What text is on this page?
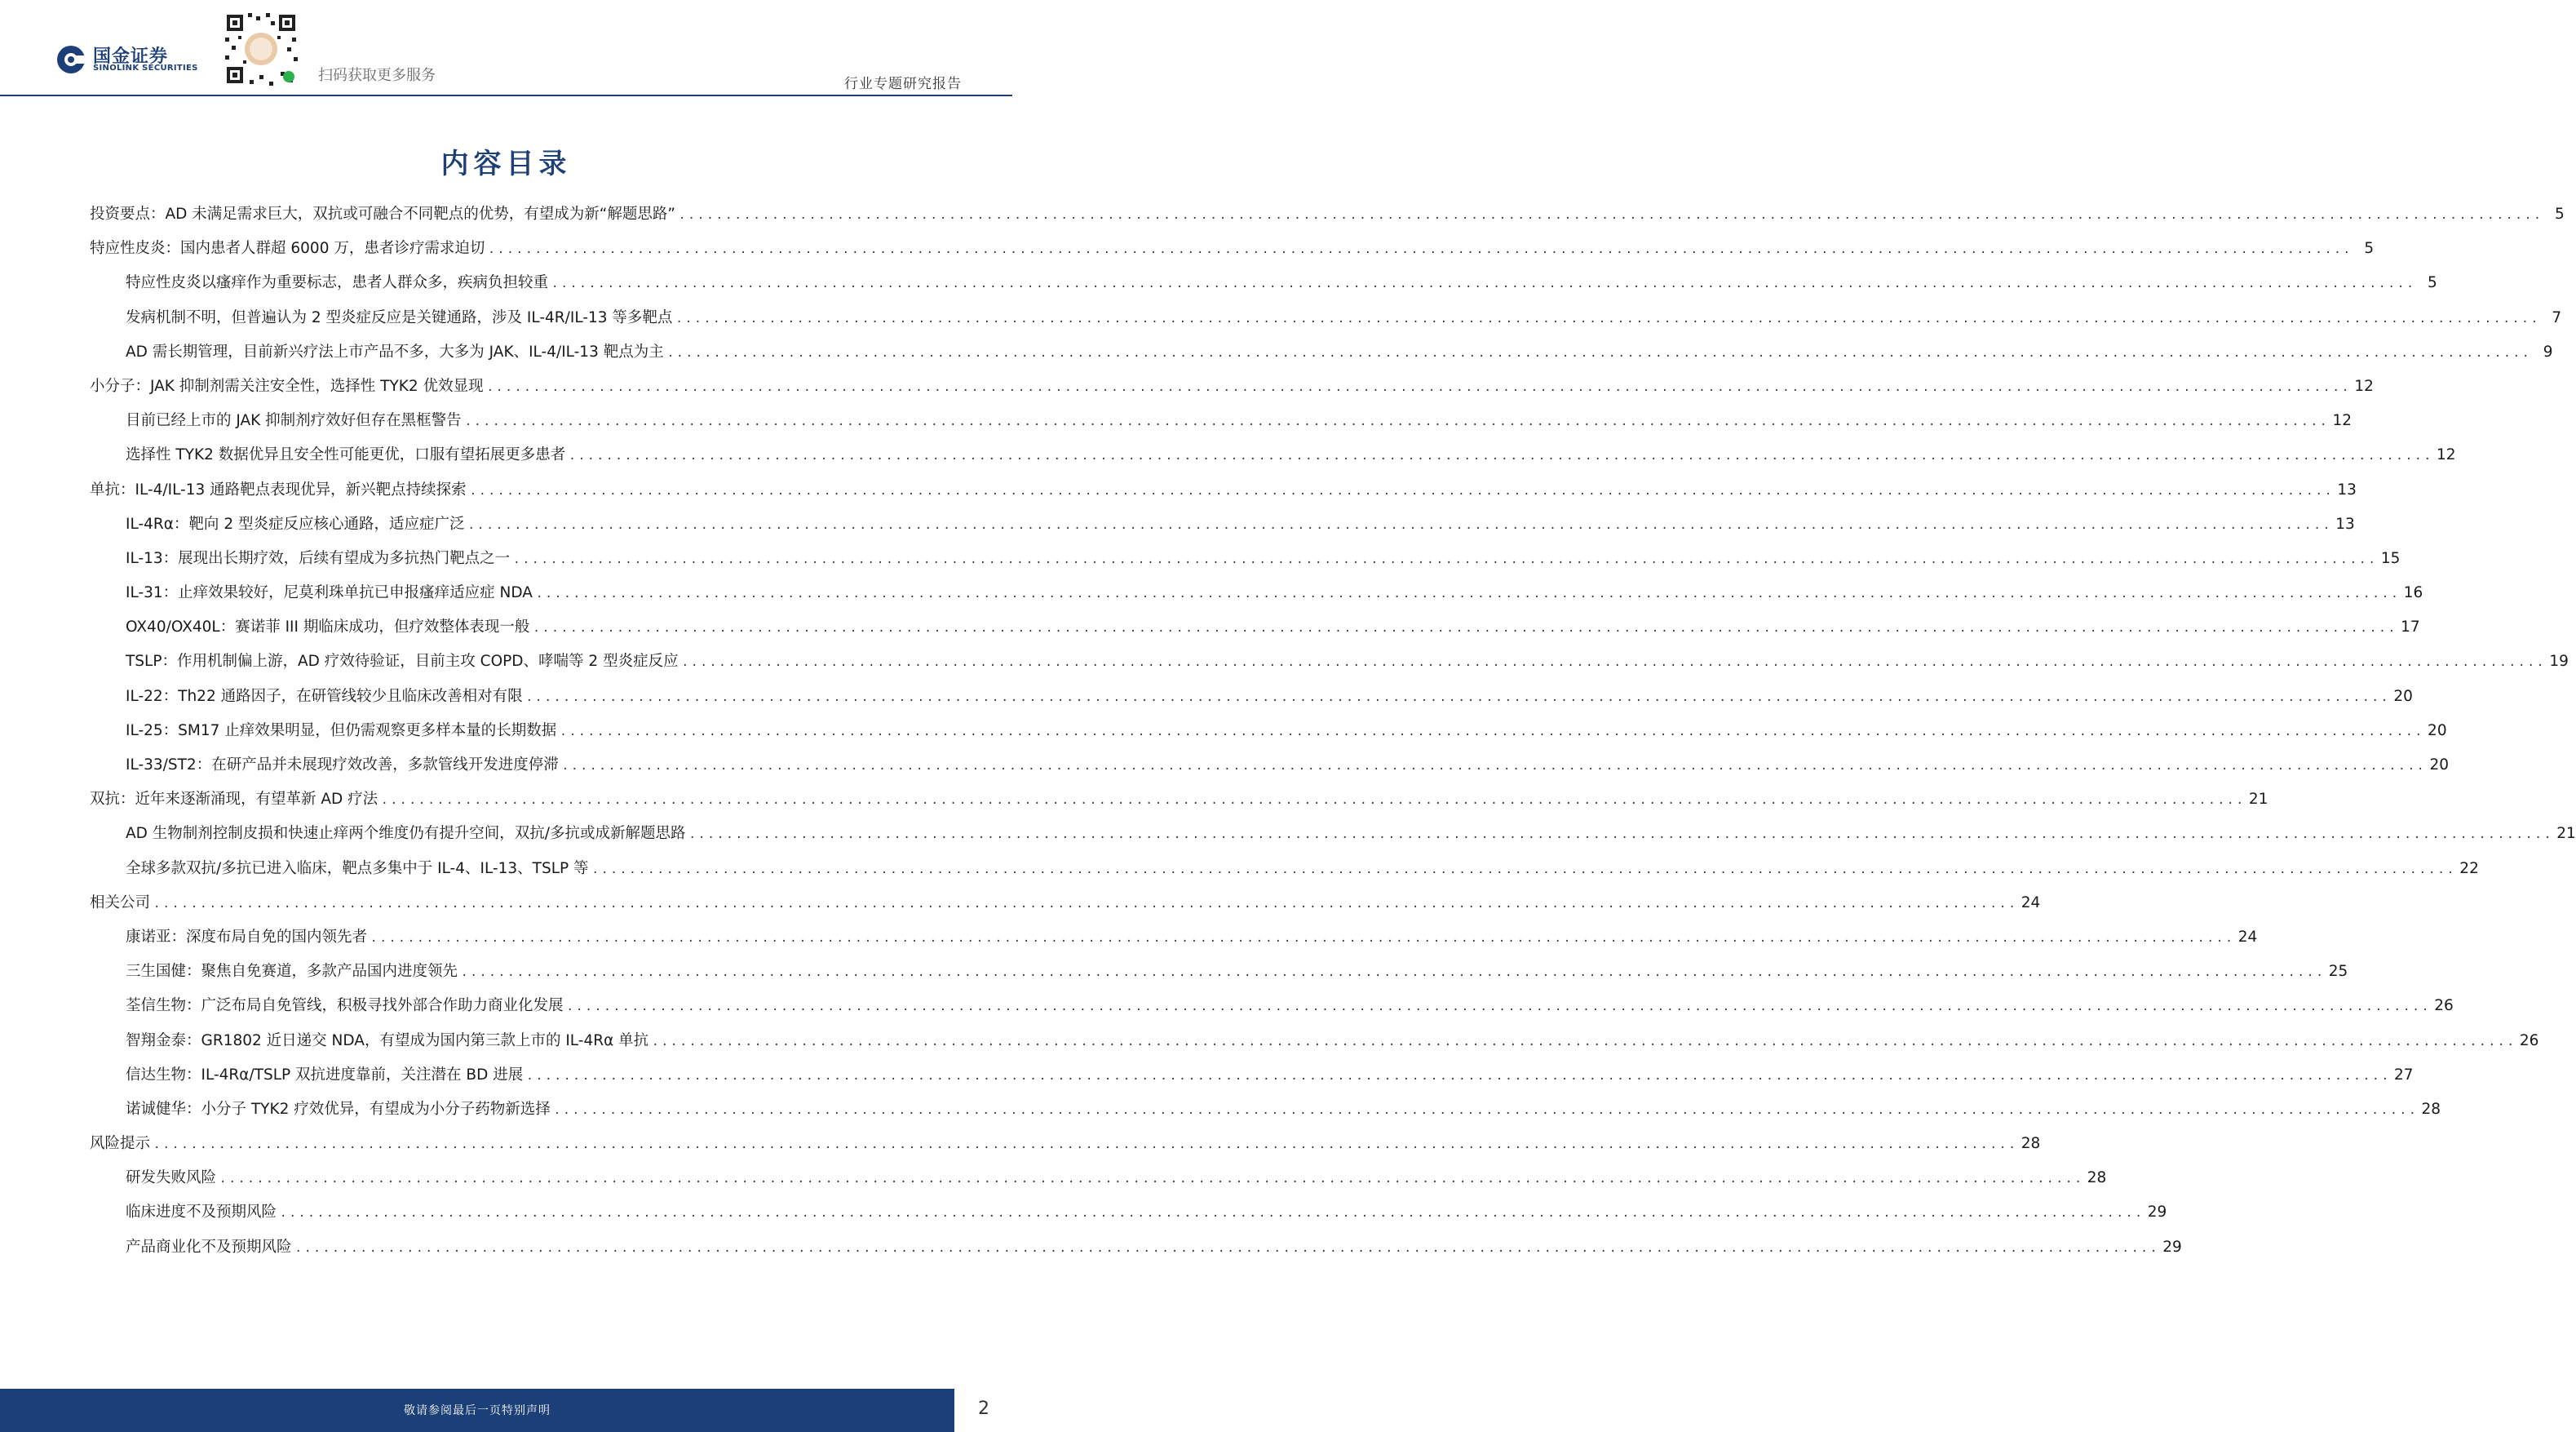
国金证券
SINOLINK SECURITIES	扫码获取更多服务	行业专题研究报告
内容目录
投资要点：AD 未满足需求巨大，双抗或可融合不同靶点的优势，有望成为新“解题思路” ........................................................................................................................................................................................................ 5
特应性皮炎：国内患者人群超 6000 万，患者诊疗需求迫切 ........................................................................................................................................................................................................ 5
特应性皮炎以瘙痒作为重要标志，患者人群众多，疾病负担较重 ........................................................................................................................................................................................................ 5
发病机制不明，但普遍认为 2 型炎症反应是关键通路，涉及 IL-4R/IL-13 等多靶点 ........................................................................................................................................................................................................ 7
AD 需长期管理，目前新兴疗法上市产品不多，大多为 JAK、IL-4/IL-13 靶点为主 ........................................................................................................................................................................................................ 9
小分子：JAK 抑制剂需关注安全性，选择性 TYK2 优效显现 ........................................................................................................................................................................................................ 12
目前已经上市的 JAK 抑制剂疗效好但存在黑框警告 ........................................................................................................................................................................................................ 12
选择性 TYK2 数据优异且安全性可能更优，口服有望拓展更多患者 ........................................................................................................................................................................................................ 12
单抗：IL-4/IL-13 通路靶点表现优异，新兴靶点持续探索 ........................................................................................................................................................................................................ 13
IL-4Rα：靶向 2 型炎症反应核心通路，适应症广泛 ........................................................................................................................................................................................................ 13
IL-13：展现出长期疗效，后续有望成为多抗热门靶点之一 ........................................................................................................................................................................................................ 15
IL-31：止痒效果较好，尼莫利珠单抗已申报瘙痒适应症 NDA ........................................................................................................................................................................................................ 16
OX40/OX40L：赛诺菲 III 期临床成功，但疗效整体表现一般 ........................................................................................................................................................................................................ 17
TSLP：作用机制偏上游，AD 疗效待验证，目前主攻 COPD、哮喘等 2 型炎症反应 ........................................................................................................................................................................................................ 19
IL-22：Th22 通路因子，在研管线较少且临床改善相对有限 ........................................................................................................................................................................................................ 20
IL-25：SM17 止痒效果明显，但仍需观察更多样本量的长期数据 ........................................................................................................................................................................................................ 20
IL-33/ST2：在研产品并未展现疗效改善，多款管线开发进度停滞 ........................................................................................................................................................................................................ 20
双抗：近年来逐渐涌现，有望革新 AD 疗法 ........................................................................................................................................................................................................ 21
AD 生物制剂控制皮损和快速止痒两个维度仍有提升空间，双抗/多抗或成新解题思路 ........................................................................................................................................................................................................ 21
全球多款双抗/多抗已进入临床，靶点多集中于 IL-4、IL-13、TSLP 等 ........................................................................................................................................................................................................ 22
相关公司 ........................................................................................................................................................................................................ 24
康诺亚：深度布局自免的国内领先者 ........................................................................................................................................................................................................ 24
三生国健：聚焦自免赛道，多款产品国内进度领先 ........................................................................................................................................................................................................ 25
荃信生物：广泛布局自免管线，积极寻找外部合作助力商业化发展 ........................................................................................................................................................................................................ 26
智翔金泰：GR1802 近日递交 NDA，有望成为国内第三款上市的 IL-4Rα 单抗 ........................................................................................................................................................................................................ 26
信达生物：IL-4Rα/TSLP 双抗进度靠前，关注潜在 BD 进展 ........................................................................................................................................................................................................ 27
诺诚健华：小分子 TYK2 疗效优异，有望成为小分子药物新选择 ........................................................................................................................................................................................................ 28
风险提示 ........................................................................................................................................................................................................ 28
研发失败风险 ........................................................................................................................................................................................................ 28
临床进度不及预期风险 ........................................................................................................................................................................................................ 29
产品商业化不及预期风险 ........................................................................................................................................................................................................ 29
敬请参阅最后一页特别声明	2
